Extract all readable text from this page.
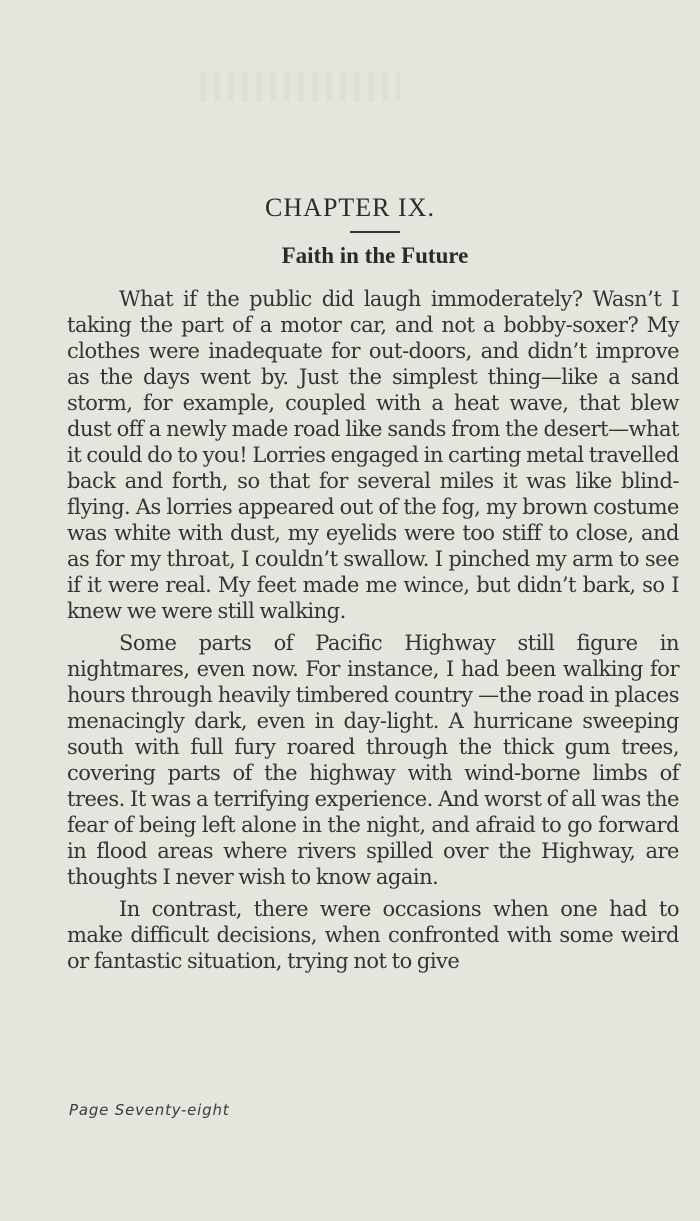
CHAPTER IX.
Faith in the Future

What if the public did laugh immoderately? Wasn’t I taking the part of a motor car, and not a bobby-soxer? My clothes were inadequate for out-doors, and didn’t improve as the days went by. Just the simplest thing—like a sand storm, for example, coupled with a heat wave, that blew dust off a newly made road like sands from the desert—what it could do to you! Lorries engaged in carting metal travelled back and forth, so that for several miles it was like blind-flying. As lorries appeared out of the fog, my brown costume was white with dust, my eyelids were too stiff to close, and as for my throat, I couldn’t swallow. I pinched my arm to see if it were real. My feet made me wince, but didn’t bark, so I knew we were still walking.

Some parts of Pacific Highway still figure in nightmares, even now. For instance, I had been walking for hours through heavily timbered country —the road in places menacingly dark, even in day-light. A hurricane sweeping south with full fury roared through the thick gum trees, covering parts of the highway with wind-borne limbs of trees. It was a terrifying experience. And worst of all was the fear of being left alone in the night, and afraid to go forward in flood areas where rivers spilled over the Highway, are thoughts I never wish to know again.

In contrast, there were occasions when one had to make difficult decisions, when confronted with some weird or fantastic situation, trying not to give

Page Seventy-eight
